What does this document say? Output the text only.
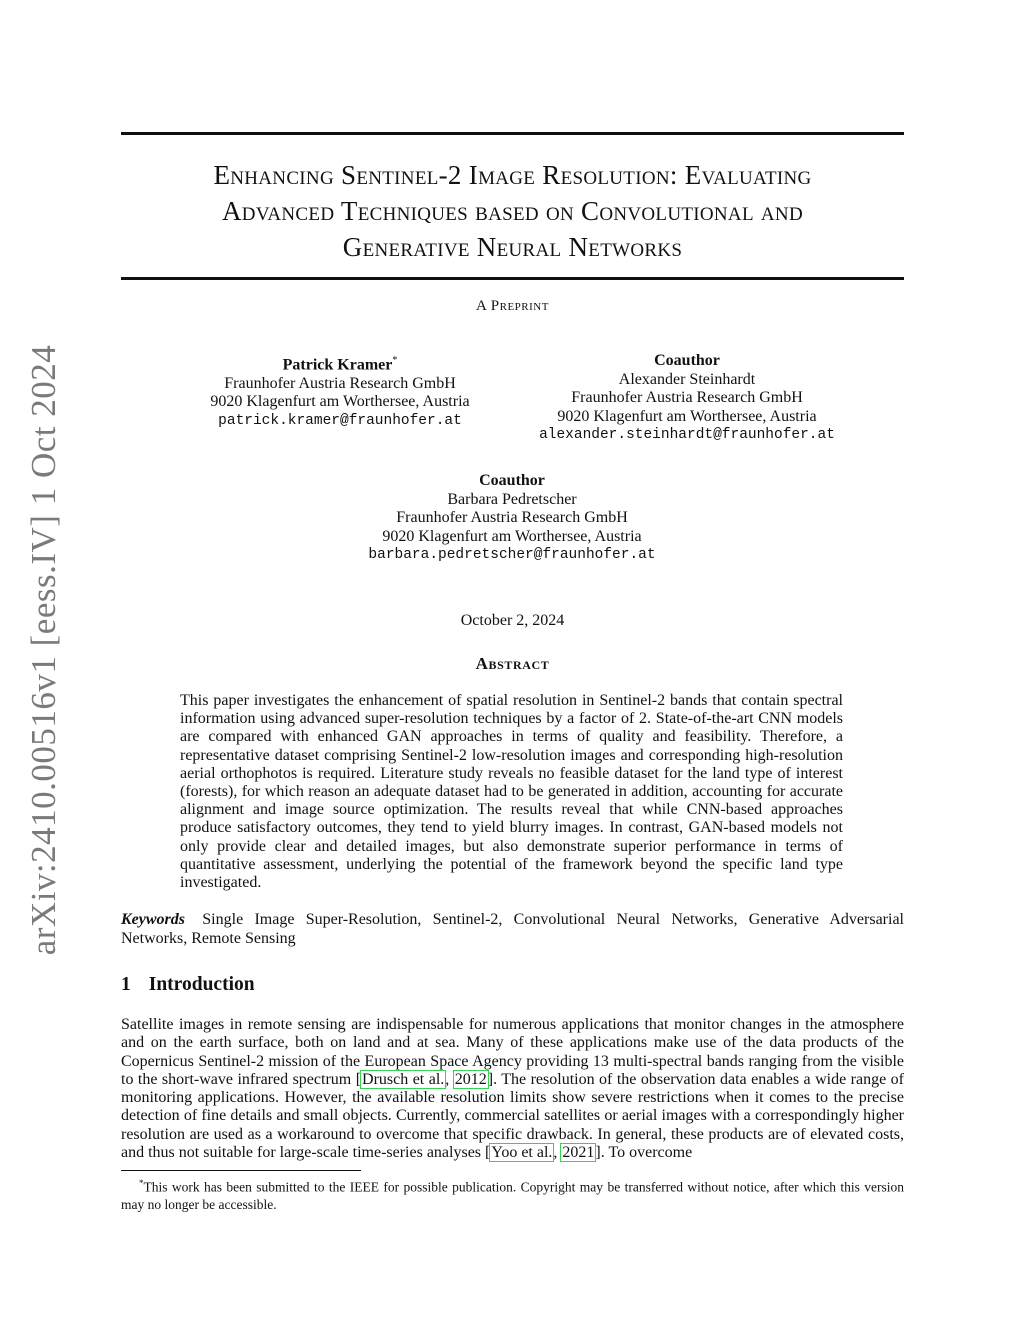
arXiv:2410.00516v1 [eess.IV] 1 Oct 2024
Enhancing Sentinel-2 Image Resolution: Evaluating
Advanced Techniques based on Convolutional and
Generative Neural Networks
A Preprint
Patrick Kramer*
Fraunhofer Austria Research GmbH
9020 Klagenfurt am Worthersee, Austria
patrick.kramer@fraunhofer.at
Coauthor
Alexander Steinhardt
Fraunhofer Austria Research GmbH
9020 Klagenfurt am Worthersee, Austria
alexander.steinhardt@fraunhofer.at
Coauthor
Barbara Pedretscher
Fraunhofer Austria Research GmbH
9020 Klagenfurt am Worthersee, Austria
barbara.pedretscher@fraunhofer.at
October 2, 2024
Abstract

This paper investigates the enhancement of spatial resolution in Sentinel-2 bands that contain spectral information using advanced super-resolution techniques by a factor of 2. State-of-the-art CNN models are compared with enhanced GAN approaches in terms of quality and feasibility. Therefore, a representative dataset comprising Sentinel-2 low-resolution images and corresponding high-resolution aerial orthophotos is required. Literature study reveals no feasible dataset for the land type of interest (forests), for which reason an adequate dataset had to be generated in addition, accounting for accurate alignment and image source optimization. The results reveal that while CNN-based approaches produce satisfactory outcomes, they tend to yield blurry images. In contrast, GAN-based models not only provide clear and detailed images, but also demonstrate superior performance in terms of quantitative assessment, underlying the potential of the framework beyond the specific land type investigated.

Keywords Single Image Super-Resolution, Sentinel-2, Convolutional Neural Networks, Generative Adversarial Networks, Remote Sensing
1 Introduction

Satellite images in remote sensing are indispensable for numerous applications that monitor changes in the atmosphere and on the earth surface, both on land and at sea. Many of these applications make use of the data products of the Copernicus Sentinel-2 mission of the European Space Agency providing 13 multi-spectral bands ranging from the visible to the short-wave infrared spectrum [Drusch et al., 2012]. The resolution of the observation data enables a wide range of monitoring applications. However, the available resolution limits show severe restrictions when it comes to the precise detection of fine details and small objects. Currently, commercial satellites or aerial images with a correspondingly higher resolution are used as a workaround to overcome that specific drawback. In general, these products are of elevated costs, and thus not suitable for large-scale time-series analyses [Yoo et al., 2021]. To overcome

*This work has been submitted to the IEEE for possible publication. Copyright may be transferred without notice, after which this version may no longer be accessible.
